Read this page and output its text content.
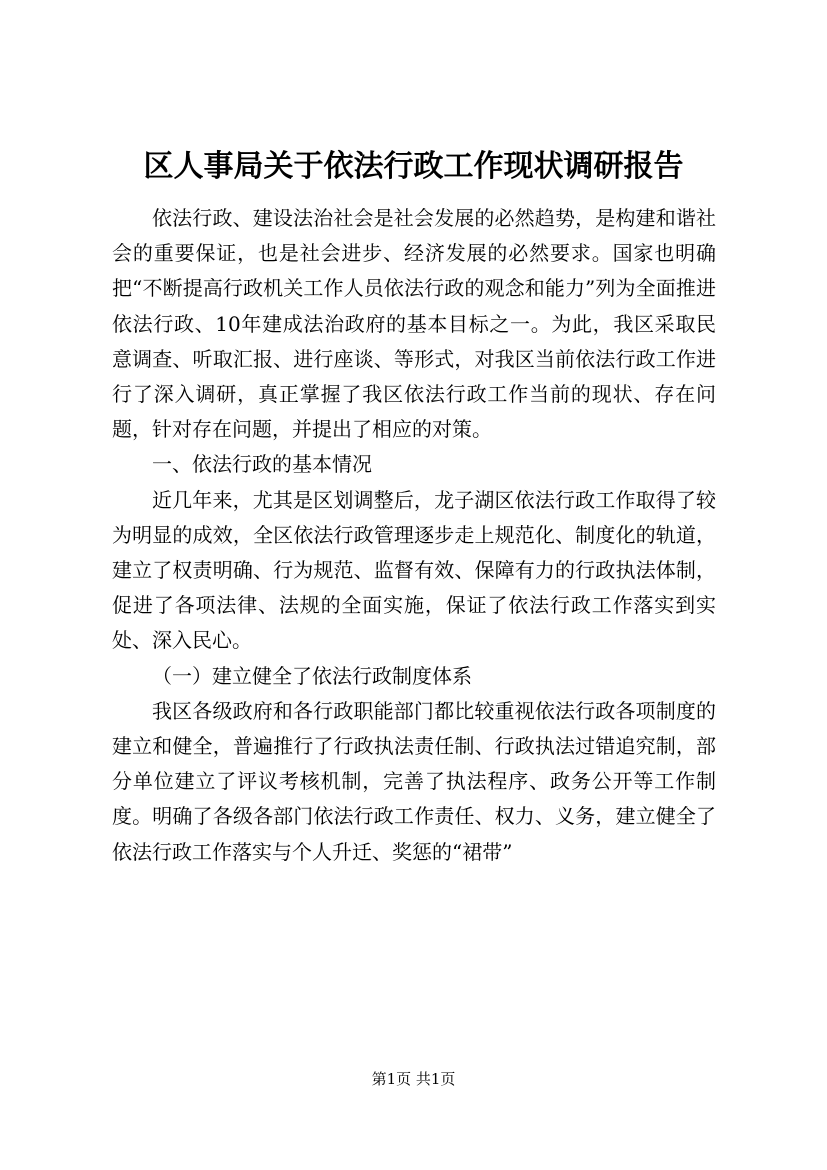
区人事局关于依法行政工作现状调研报告

依法行政、建设法治社会是社会发展的必然趋势，是构建和谐社会的重要保证，也是社会进步、经济发展的必然要求。国家也明确把“不断提高行政机关工作人员依法行政的观念和能力”列为全面推进依法行政、10年建成法治政府的基本目标之一。为此，我区采取民意调查、听取汇报、进行座谈、等形式，对我区当前依法行政工作进行了深入调研，真正掌握了我区依法行政工作当前的现状、存在问题，针对存在问题，并提出了相应的对策。

一、依法行政的基本情况

近几年来，尤其是区划调整后，龙子湖区依法行政工作取得了较为明显的成效，全区依法行政管理逐步走上规范化、制度化的轨道，建立了权责明确、行为规范、监督有效、保障有力的行政执法体制，促进了各项法律、法规的全面实施，保证了依法行政工作落实到实处、深入民心。

（一）建立健全了依法行政制度体系

我区各级政府和各行政职能部门都比较重视依法行政各项制度的建立和健全，普遍推行了行政执法责任制、行政执法过错追究制，部分单位建立了评议考核机制，完善了执法程序、政务公开等工作制度。明确了各级各部门依法行政工作责任、权力、义务，建立健全了依法行政工作落实与个人升迁、奖惩的“裙带”

第1页 共1页
